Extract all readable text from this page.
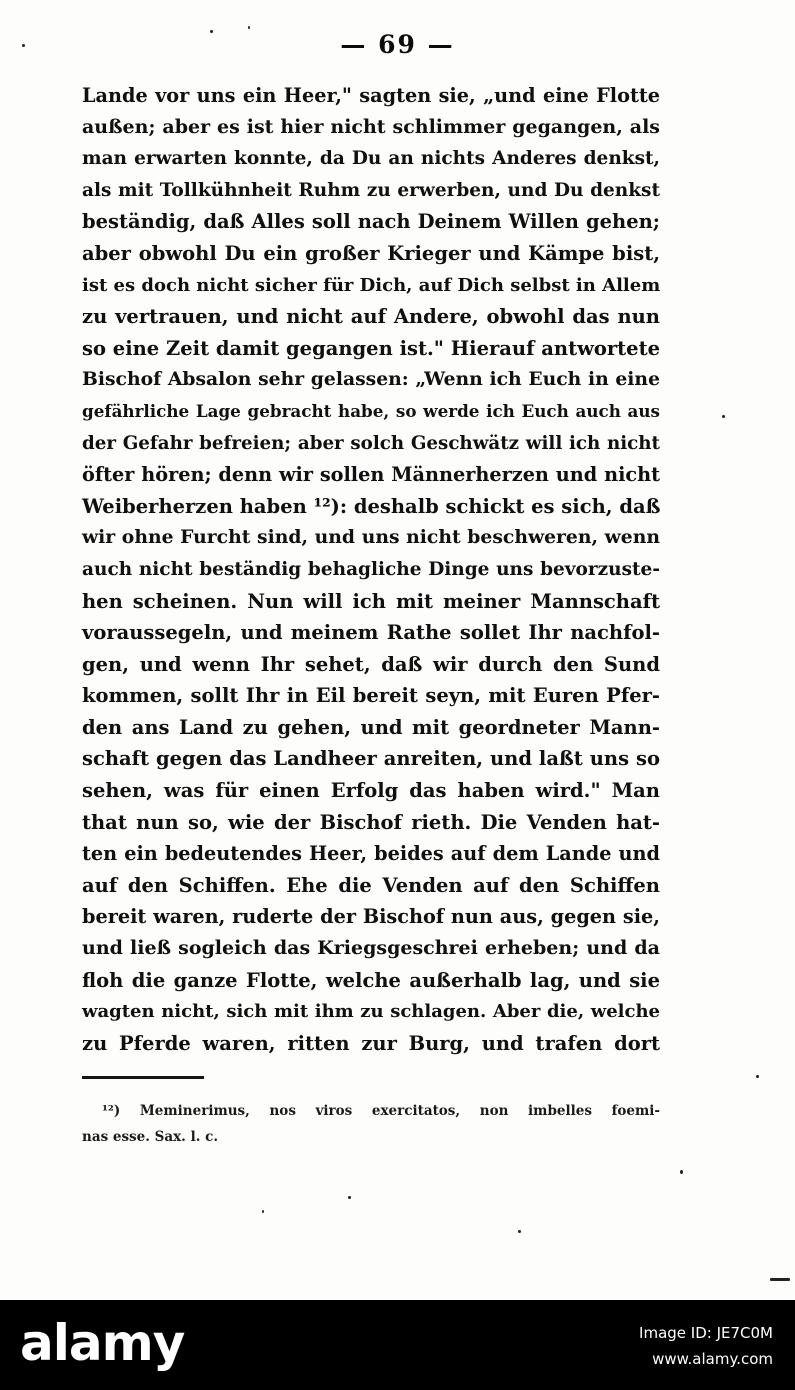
— 69 —
Lande vor uns ein Heer," sagten sie, „und eine Flotte
außen; aber es ist hier nicht schlimmer gegangen, als
man erwarten konnte, da Du an nichts Anderes denkst,
als mit Tollkühnheit Ruhm zu erwerben, und Du denkst
beständig, daß Alles soll nach Deinem Willen gehen;
aber obwohl Du ein großer Krieger und Kämpe bist,
ist es doch nicht sicher für Dich, auf Dich selbst in Allem
zu vertrauen, und nicht auf Andere, obwohl das nun
so eine Zeit damit gegangen ist." Hierauf antwortete
Bischof Absalon sehr gelassen: „Wenn ich Euch in eine
gefährliche Lage gebracht habe, so werde ich Euch auch aus
der Gefahr befreien; aber solch Geschwätz will ich nicht
öfter hören; denn wir sollen Männerherzen und nicht
Weiberherzen haben ¹²): deshalb schickt es sich, daß
wir ohne Furcht sind, und uns nicht beschweren, wenn
auch nicht beständig behagliche Dinge uns bevorzuste-
hen scheinen. Nun will ich mit meiner Mannschaft
voraussegeln, und meinem Rathe sollet Ihr nachfol-
gen, und wenn Ihr sehet, daß wir durch den Sund
kommen, sollt Ihr in Eil bereit seyn, mit Euren Pfer-
den ans Land zu gehen, und mit geordneter Mann-
schaft gegen das Landheer anreiten, und laßt uns so
sehen, was für einen Erfolg das haben wird." Man
that nun so, wie der Bischof rieth. Die Venden hat-
ten ein bedeutendes Heer, beides auf dem Lande und
auf den Schiffen. Ehe die Venden auf den Schiffen
bereit waren, ruderte der Bischof nun aus, gegen sie,
und ließ sogleich das Kriegsgeschrei erheben; und da
floh die ganze Flotte, welche außerhalb lag, und sie
wagten nicht, sich mit ihm zu schlagen. Aber die, welche
zu Pferde waren, ritten zur Burg, und trafen dort
¹²) Meminerimus, nos viros exercitatos, non imbelles foemi-
nas esse. Sax. l. c.
alamy	Image ID: JE7C0M
www.alamy.com
